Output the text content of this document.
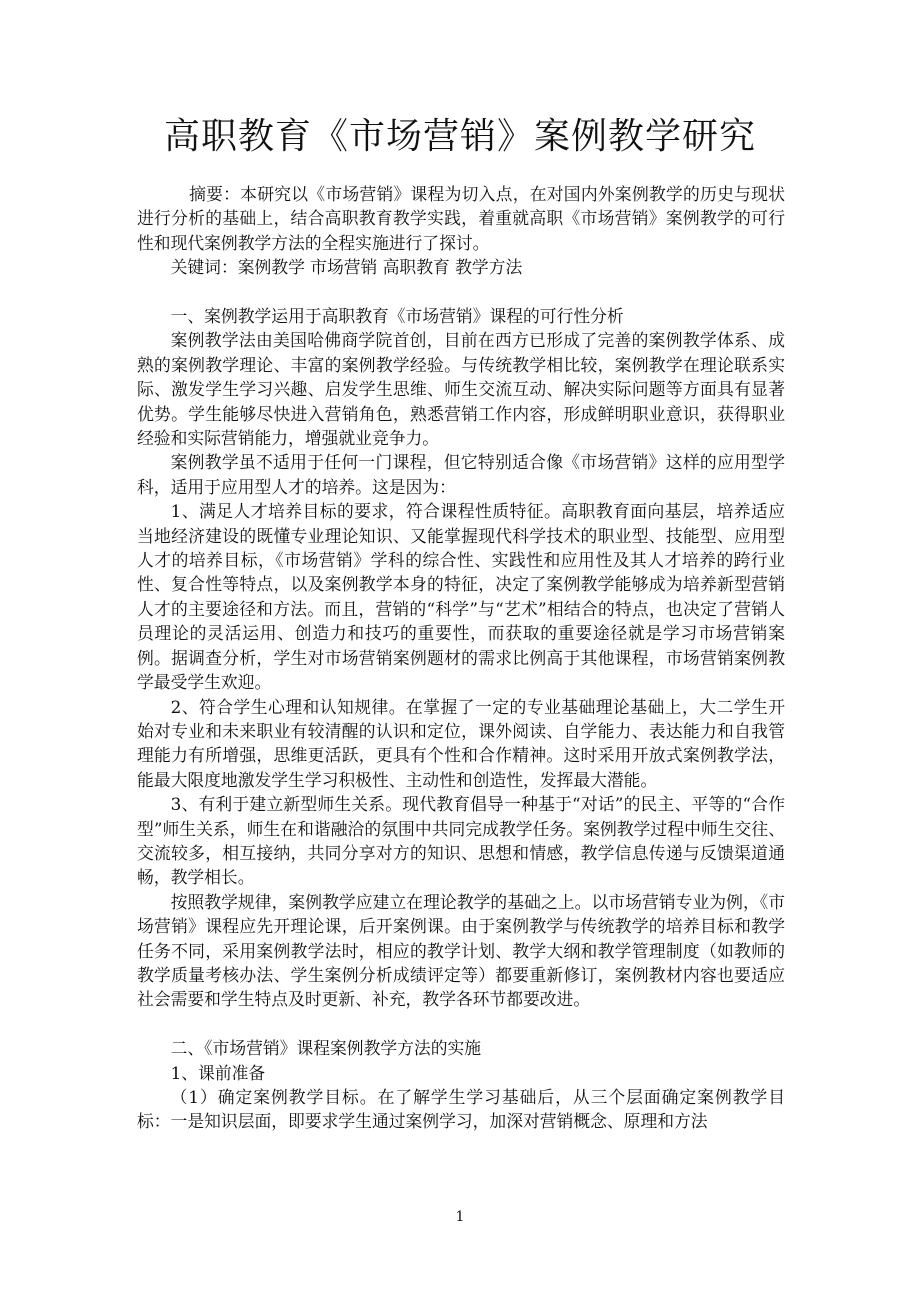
高职教育《市场营销》案例教学研究

摘要：本研究以《市场营销》课程为切入点，在对国内外案例教学的历史与现状进行分析的基础上，结合高职教育教学实践，着重就高职《市场营销》案例教学的可行性和现代案例教学方法的全程实施进行了探讨。

关键词：案例教学 市场营销 高职教育 教学方法

一、案例教学运用于高职教育《市场营销》课程的可行性分析

案例教学法由美国哈佛商学院首创，目前在西方已形成了完善的案例教学体系、成熟的案例教学理论、丰富的案例教学经验。与传统教学相比较，案例教学在理论联系实际、激发学生学习兴趣、启发学生思维、师生交流互动、解决实际问题等方面具有显著优势。学生能够尽快进入营销角色，熟悉营销工作内容，形成鲜明职业意识，获得职业经验和实际营销能力，增强就业竞争力。

案例教学虽不适用于任何一门课程，但它特别适合像《市场营销》这样的应用型学科，适用于应用型人才的培养。这是因为：

1、满足人才培养目标的要求，符合课程性质特征。高职教育面向基层，培养适应当地经济建设的既懂专业理论知识、又能掌握现代科学技术的职业型、技能型、应用型人才的培养目标，《市场营销》学科的综合性、实践性和应用性及其人才培养的跨行业性、复合性等特点，以及案例教学本身的特征，决定了案例教学能够成为培养新型营销人才的主要途径和方法。而且，营销的“科学”与“艺术”相结合的特点，也决定了营销人员理论的灵活运用、创造力和技巧的重要性，而获取的重要途径就是学习市场营销案例。据调查分析，学生对市场营销案例题材的需求比例高于其他课程，市场营销案例教学最受学生欢迎。

2、符合学生心理和认知规律。在掌握了一定的专业基础理论基础上，大二学生开始对专业和未来职业有较清醒的认识和定位，课外阅读、自学能力、表达能力和自我管理能力有所增强，思维更活跃，更具有个性和合作精神。这时采用开放式案例教学法，能最大限度地激发学生学习积极性、主动性和创造性，发挥最大潜能。

3、有利于建立新型师生关系。现代教育倡导一种基于“对话”的民主、平等的“合作型”师生关系，师生在和谐融洽的氛围中共同完成教学任务。案例教学过程中师生交往、交流较多，相互接纳，共同分享对方的知识、思想和情感，教学信息传递与反馈渠道通畅，教学相长。

按照教学规律，案例教学应建立在理论教学的基础之上。以市场营销专业为例，《市场营销》课程应先开理论课，后开案例课。由于案例教学与传统教学的培养目标和教学任务不同，采用案例教学法时，相应的教学计划、教学大纲和教学管理制度（如教师的教学质量考核办法、学生案例分析成绩评定等）都要重新修订，案例教材内容也要适应社会需要和学生特点及时更新、补充，教学各环节都要改进。

二、《市场营销》课程案例教学方法的实施

1、课前准备

（1）确定案例教学目标。在了解学生学习基础后，从三个层面确定案例教学目标：一是知识层面，即要求学生通过案例学习，加深对营销概念、原理和方法

1
